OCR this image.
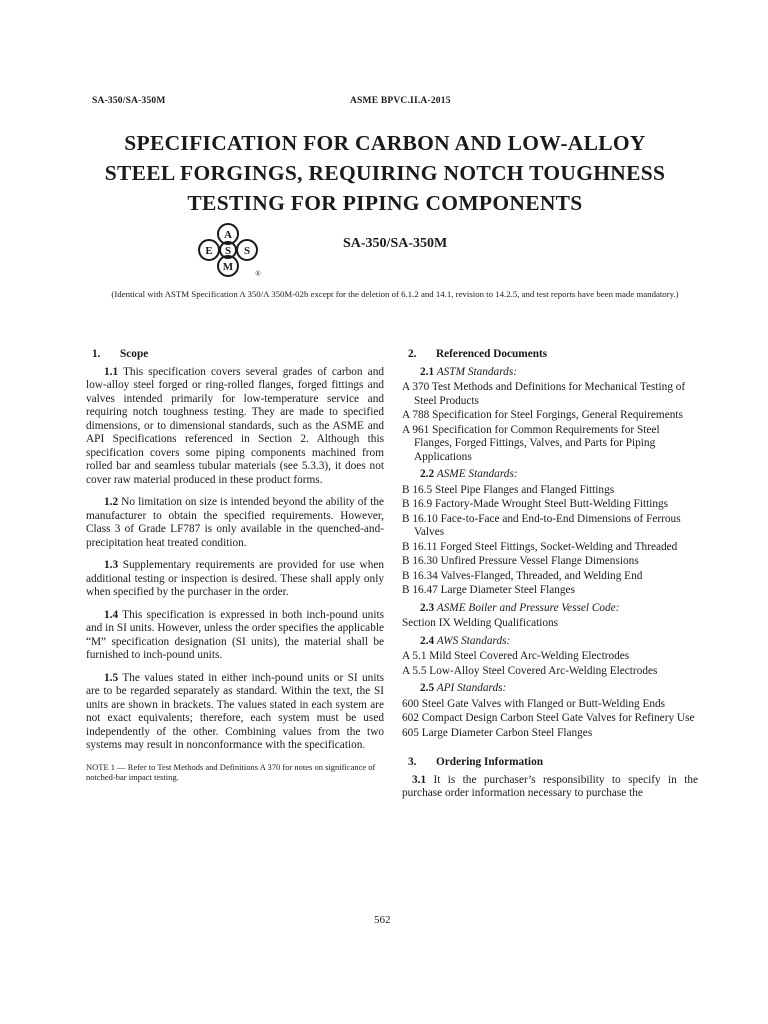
SA-350/SA-350M	ASME BPVC.II.A-2015
SPECIFICATION FOR CARBON AND LOW-ALLOY
STEEL FORGINGS, REQUIRING NOTCH TOUGHNESS
TESTING FOR PIPING COMPONENTS
A
E S S
M
®
SA-350/SA-350M
(Identical with ASTM Specification A 350/A 350M-02b except for the deletion of 6.1.2 and 14.1, revision to 14.2.5, and test reports have been made mandatory.)
1.	Scope

1.1 This specification covers several grades of carbon and low-alloy steel forged or ring-rolled flanges, forged fittings and valves intended primarily for low-temperature service and requiring notch toughness testing. They are made to specified dimensions, or to dimensional standards, such as the ASME and API Specifications referenced in Section 2. Although this specification covers some piping components machined from rolled bar and seamless tubular materials (see 5.3.3), it does not cover raw material produced in these product forms.

1.2 No limitation on size is intended beyond the ability of the manufacturer to obtain the specified requirements. However, Class 3 of Grade LF787 is only available in the quenched-and-precipitation heat treated condition.

1.3 Supplementary requirements are provided for use when additional testing or inspection is desired. These shall apply only when specified by the purchaser in the order.

1.4 This specification is expressed in both inch-pound units and in SI units. However, unless the order specifies the applicable “M” specification designation (SI units), the material shall be furnished to inch-pound units.

1.5 The values stated in either inch-pound units or SI units are to be regarded separately as standard. Within the text, the SI units are shown in brackets. The values stated in each system are not exact equivalents; therefore, each system must be used independently of the other. Combining values from the two systems may result in nonconformance with the specification.

NOTE 1 — Refer to Test Methods and Definitions A 370 for notes on significance of notched-bar impact testing.
2.	Referenced Documents
2.1 ASTM Standards:
A 370 Test Methods and Definitions for Mechanical Testing of Steel Products
A 788 Specification for Steel Forgings, General Requirements
A 961 Specification for Common Requirements for Steel Flanges, Forged Fittings, Valves, and Parts for Piping Applications
2.2 ASME Standards:
B 16.5 Steel Pipe Flanges and Flanged Fittings
B 16.9 Factory-Made Wrought Steel Butt-Welding Fittings
B 16.10 Face-to-Face and End-to-End Dimensions of Ferrous Valves
B 16.11 Forged Steel Fittings, Socket-Welding and Threaded
B 16.30 Unfired Pressure Vessel Flange Dimensions
B 16.34 Valves-Flanged, Threaded, and Welding End
B 16.47 Large Diameter Steel Flanges
2.3 ASME Boiler and Pressure Vessel Code:
Section IX Welding Qualifications
2.4 AWS Standards:
A 5.1 Mild Steel Covered Arc-Welding Electrodes
A 5.5 Low-Alloy Steel Covered Arc-Welding Electrodes
2.5 API Standards:
600 Steel Gate Valves with Flanged or Butt-Welding Ends
602 Compact Design Carbon Steel Gate Valves for Refinery Use
605 Large Diameter Carbon Steel Flanges
3.	Ordering Information

3.1 It is the purchaser’s responsibility to specify in the purchase order information necessary to purchase the

562
